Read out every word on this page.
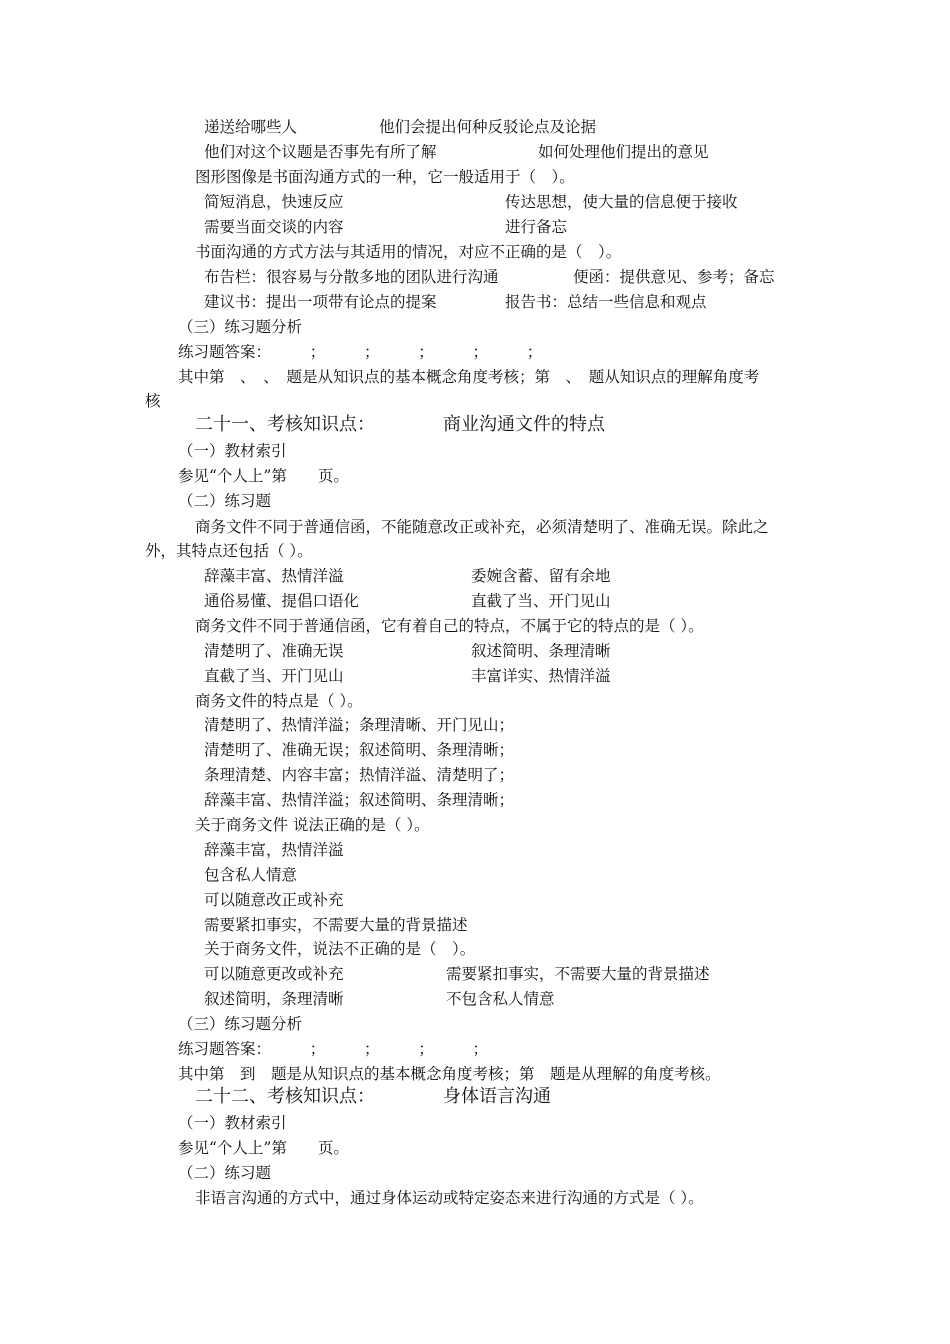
递送给哪些人	他们会提出何种反驳论点及论据
他们对这个议题是否事先有所了解	如何处理他们提出的意见
图形图像是书面沟通方式的一种，它一般适用于（　）。
简短消息，快速反应	传达思想，使大量的信息便于接收
需要当面交谈的内容	进行备忘
书面沟通的方式方法与其适用的情况，对应不正确的是（　）。
布告栏：很容易与分散多地的团队进行沟通	便函：提供意见、参考；备忘
建议书：提出一项带有论点的提案	报告书：总结一些信息和观点
（三）练习题分析
练习题答案：　　　；　　　；　　　；　　　；　　　；
其中第　、　、　题是从知识点的基本概念角度考核；第　、　题从知识点的理解角度考
核
二十一、考核知识点：	商业沟通文件的特点
（一）教材索引
参见“个人上”第　　页。
（二）练习题
商务文件不同于普通信函，不能随意改正或补充，必须清楚明了、准确无误。除此之
外，其特点还包括（ ）。
辞藻丰富、热情洋溢	委婉含蓄、留有余地
通俗易懂、提倡口语化	直截了当、开门见山
商务文件不同于普通信函，它有着自己的特点，不属于它的特点的是（ ）。
清楚明了、准确无误	叙述简明、条理清晰
直截了当、开门见山	丰富详实、热情洋溢
商务文件的特点是（ ）。
清楚明了、热情洋溢；条理清晰、开门见山；
清楚明了、准确无误；叙述简明、条理清晰；
条理清楚、内容丰富；热情洋溢、清楚明了；
辞藻丰富、热情洋溢；叙述简明、条理清晰；
关于商务文件 说法正确的是（ ）。
辞藻丰富，热情洋溢
包含私人情意
可以随意改正或补充
需要紧扣事实，不需要大量的背景描述
关于商务文件，说法不正确的是（　）。
可以随意更改或补充	需要紧扣事实，不需要大量的背景描述
叙述简明，条理清晰	不包含私人情意
（三）练习题分析
练习题答案：　　　；　　　；　　　；　　　；
其中第　到　题是从知识点的基本概念角度考核；第　题是从理解的角度考核。
二十二、考核知识点：	身体语言沟通
（一）教材索引
参见“个人上”第　　页。
（二）练习题
非语言沟通的方式中，通过身体运动或特定姿态来进行沟通的方式是（ ）。
